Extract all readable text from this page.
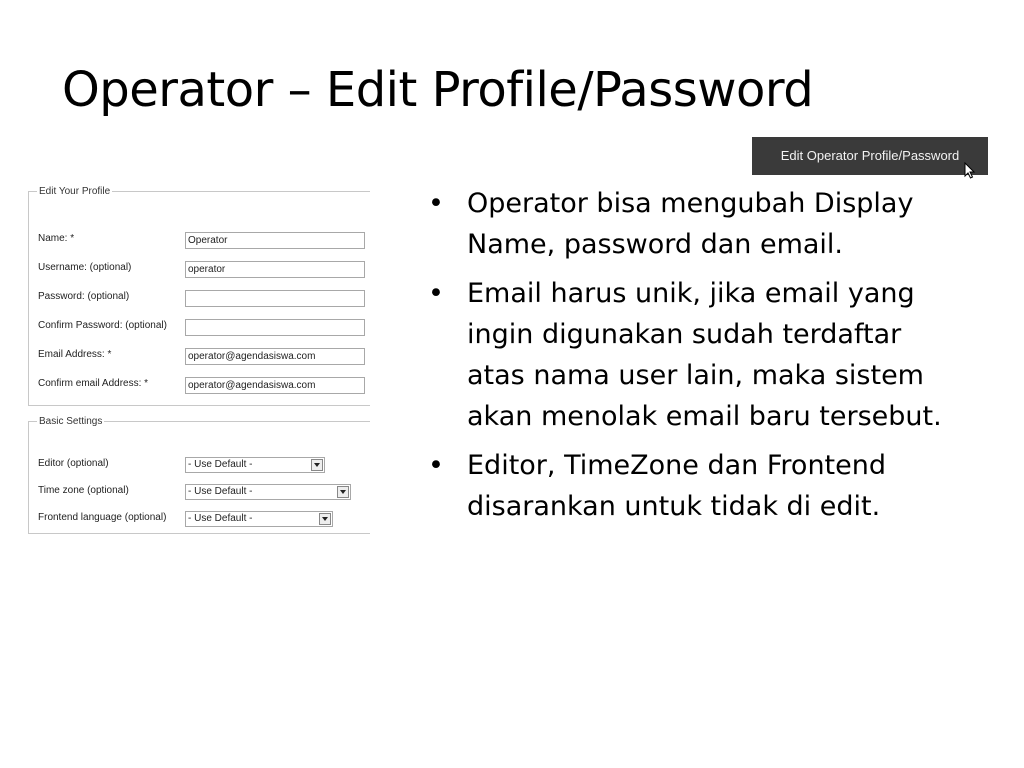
Operator – Edit Profile/Password
Edit Operator Profile/Password
Edit Your Profile
Name: *	Operator
Username: (optional)	operator
Password: (optional)
Confirm Password: (optional)
Email Address: *	operator@agendasiswa.com
Confirm email Address: *	operator@agendasiswa.com
Basic Settings
Editor (optional)	- Use Default -
Time zone (optional)	- Use Default -
Frontend language (optional)	- Use Default -
• Operator bisa mengubah Display Name, password dan email.
• Email harus unik, jika email yang ingin digunakan sudah terdaftar atas nama user lain, maka sistem akan menolak email baru tersebut.
• Editor, TimeZone dan Frontend disarankan untuk tidak di edit.
